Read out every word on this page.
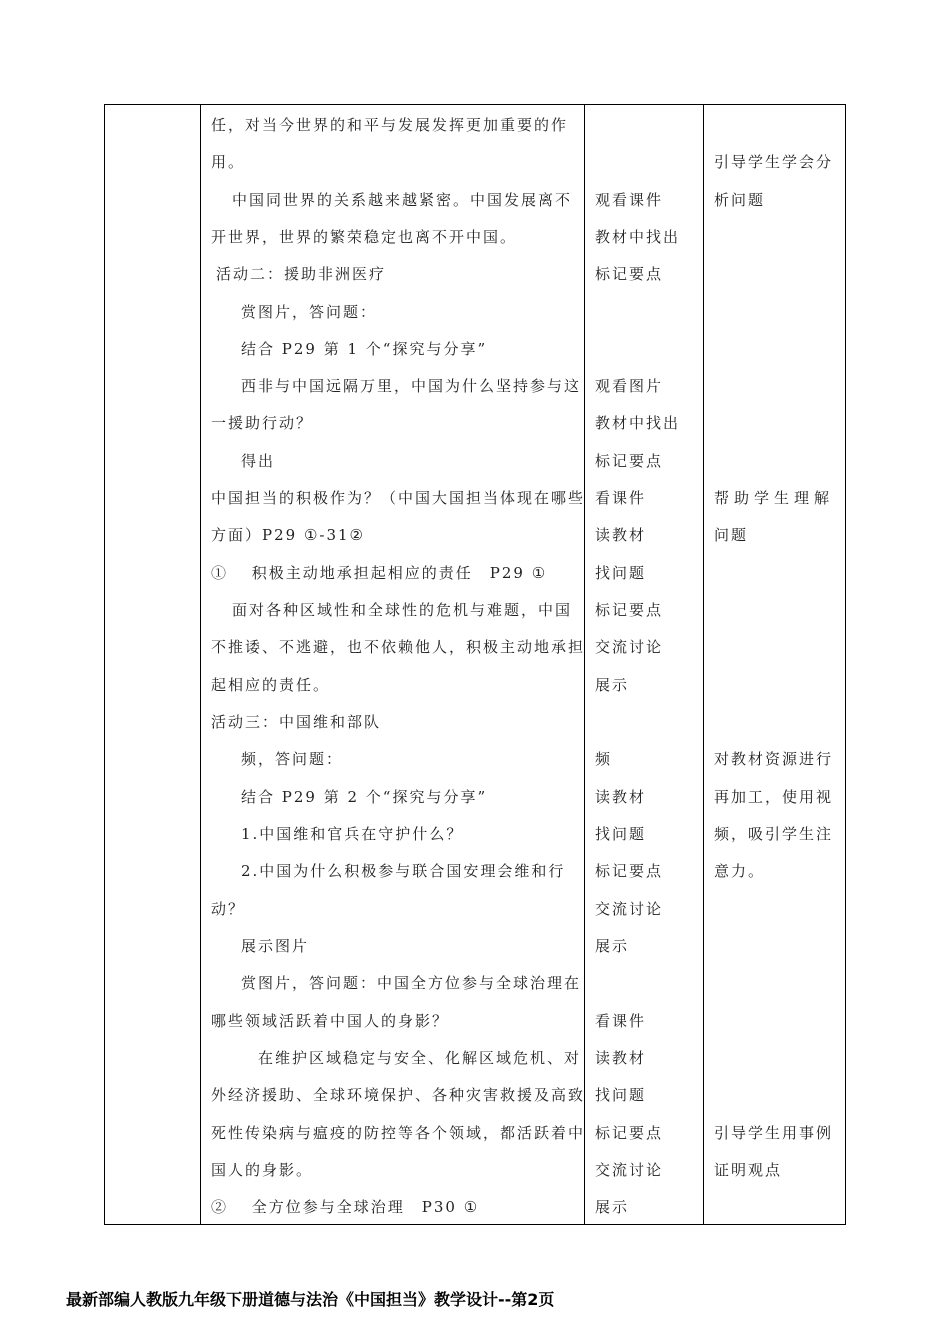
任，对当今世界的和平与发展发挥更加重要的作
用。
中国同世界的关系越来越紧密。中国发展离不
开世界，世界的繁荣稳定也离不开中国。
活动二：援助非洲医疗
赏图片，答问题：
结合 P29 第 1 个“探究与分享”
西非与中国远隔万里，中国为什么坚持参与这
一援助行动？
得出
中国担当的积极作为？（中国大国担当体现在哪些
方面）P29 ①-31②
①　 积极主动地承担起相应的责任　P29 ①
面对各种区域性和全球性的危机与难题，中国
不推诿、不逃避，也不依赖他人，积极主动地承担
起相应的责任。
活动三：中国维和部队
频，答问题：
结合 P29 第 2 个“探究与分享”
1.中国维和官兵在守护什么？
2.中国为什么积极参与联合国安理会维和行
动？
展示图片
赏图片，答问题：中国全方位参与全球治理在
哪些领域活跃着中国人的身影？
在维护区域稳定与安全、化解区域危机、对
外经济援助、全球环境保护、各种灾害救援及高致
死性传染病与瘟疫的防控等各个领域，都活跃着中
国人的身影。
②　 全方位参与全球治理　P30 ①
观看课件
教材中找出
标记要点
观看图片
教材中找出
标记要点
看课件
读教材
找问题
标记要点
交流讨论
展示
频
读教材
找问题
标记要点
交流讨论
展示
看课件
读教材
找问题
标记要点
交流讨论
展示
引导学生学会分
析问题
帮助学生理解
问题
对教材资源进行
再加工，使用视
频，吸引学生注
意力。
引导学生用事例
证明观点
最新部编人教版九年级下册道德与法治《中国担当》教学设计--第2页
